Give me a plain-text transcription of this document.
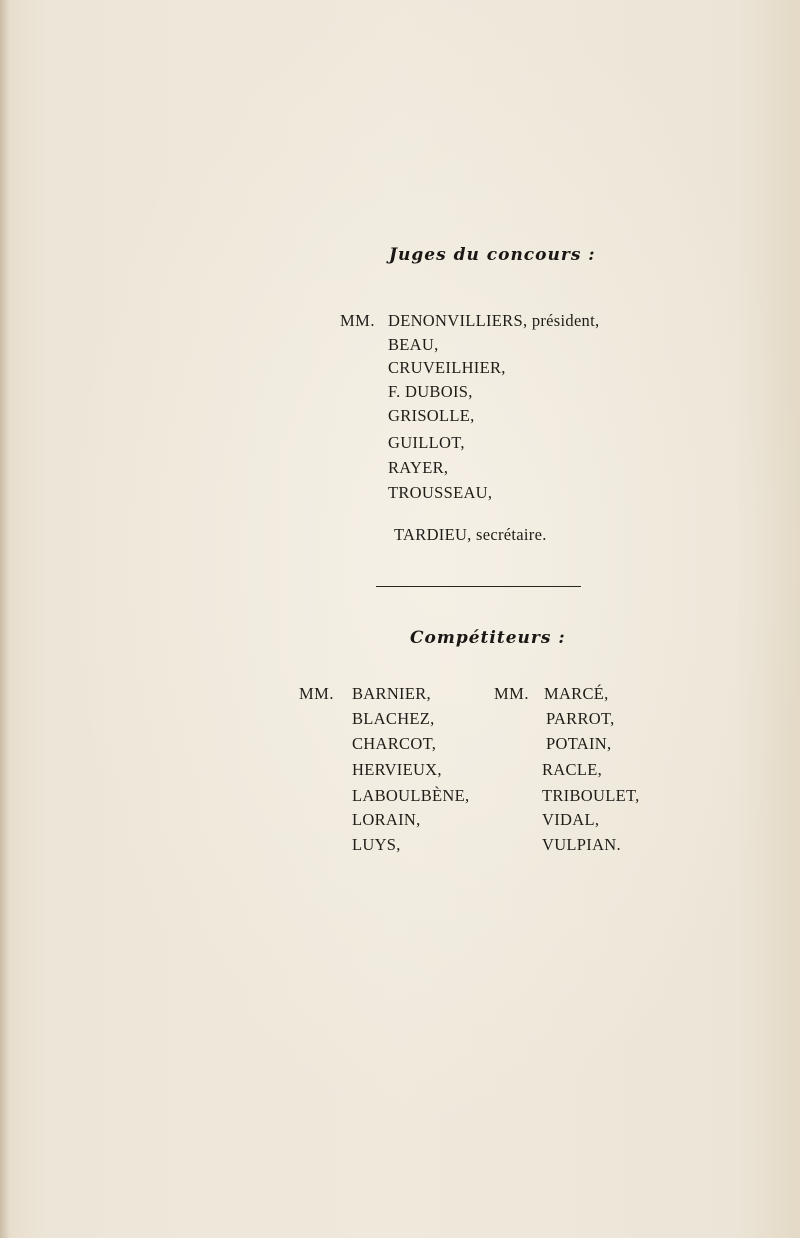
Juges du concours :
MM. DENONVILLIERS, président,
BEAU,
CRUVEILHIER,
F. DUBOIS,
GRISOLLE,
GUILLOT,
RAYER,
TROUSSEAU,
TARDIEU, secrétaire.
Compétiteurs :
MM.	MM.
BARNIER,
BLACHEZ,
CHARCOT,
HERVIEUX,
LABOULBÈNE,
LORAIN,
LUYS,
MARCÉ,
PARROT,
POTAIN,
RACLE,
TRIBOULET,
VIDAL,
VULPIAN.
